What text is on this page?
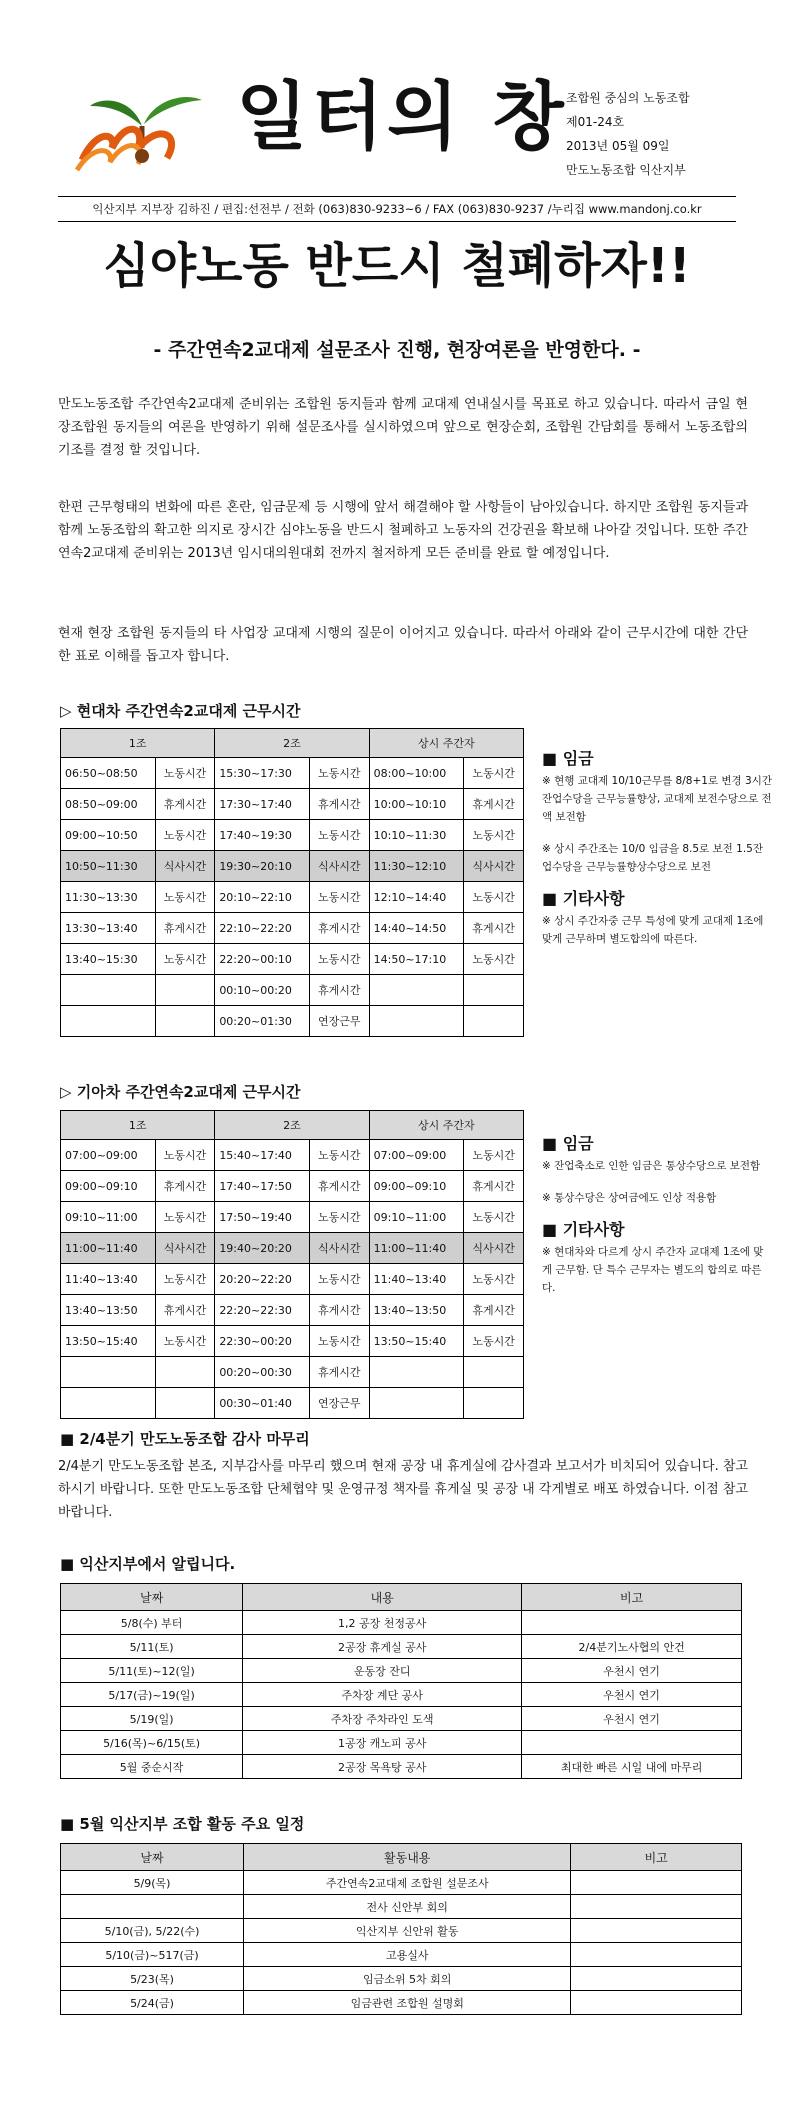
일터의 창
조합원 중심의 노동조합
제01-24호
2013년 05월 09일
만도노동조합 익산지부
익산지부 지부장 김하진 / 편집:선전부 / 전화 (063)830-9233~6 / FAX (063)830-9237 /누리집 www.mandonj.co.kr
심야노동 반드시 철폐하자!!
- 주간연속2교대제 설문조사 진행, 현장여론을 반영한다. -
만도노동조합 주간연속2교대제 준비위는 조합원 동지들과 함께 교대제 연내실시를 목표로 하고 있습니다. 따라서 금일 현장조합원 동지들의 여론을 반영하기 위해 설문조사를 실시하였으며 앞으로 현장순회, 조합원 간담회를 통해서 노동조합의 기조를 결정 할 것입니다.
한편 근무형태의 변화에 따른 혼란, 임금문제 등 시행에 앞서 해결해야 할 사항들이 남아있습니다. 하지만 조합원 동지들과 함께 노동조합의 확고한 의지로 장시간 심야노동을 반드시 철폐하고 노동자의 건강권을 확보해 나아갈 것입니다. 또한 주간연속2교대제 준비위는 2013년 임시대의원대회 전까지 철저하게 모든 준비를 완료 할 예정입니다.
현재 현장 조합원 동지들의 타 사업장 교대제 시행의 질문이 이어지고 있습니다. 따라서 아래와 같이 근무시간에 대한 간단한 표로 이해를 돕고자 합니다.
▷ 현대차 주간연속2교대제 근무시간
1조		2조		상시 주간자	
06:50~08:50	노동시간	15:30~17:30	노동시간	08:00~10:00	노동시간
08:50~09:00	휴게시간	17:30~17:40	휴게시간	10:00~10:10	휴게시간
09:00~10:50	노동시간	17:40~19:30	노동시간	10:10~11:30	노동시간
10:50~11:30	식사시간	19:30~20:10	식사시간	11:30~12:10	식사시간
11:30~13:30	노동시간	20:10~22:10	노동시간	12:10~14:40	노동시간
13:30~13:40	휴게시간	22:10~22:20	휴게시간	14:40~14:50	휴게시간
13:40~15:30	노동시간	22:20~00:10	노동시간	14:50~17:10	노동시간
		00:10~00:20	휴게시간		
		00:20~01:30	연장근무		
■ 임금
※ 현행 교대제 10/10근무를 8/8+1로 변경 3시간 잔업수당을 근무능률향상, 교대제 보전수당으로 전액 보전함
※ 상시 주간조는 10/0 임금을 8.5로 보전 1.5잔업수당을 근무능률향상수당으로 보전
■ 기타사항
※ 상시 주간자중 근무 특성에 맞게 교대제 1조에 맞게 근무하며 별도합의에 따른다.
▷ 기아차 주간연속2교대제 근무시간
1조		2조		상시 주간자	
07:00~09:00	노동시간	15:40~17:40	노동시간	07:00~09:00	노동시간
09:00~09:10	휴게시간	17:40~17:50	휴게시간	09:00~09:10	휴게시간
09:10~11:00	노동시간	17:50~19:40	노동시간	09:10~11:00	노동시간
11:00~11:40	식사시간	19:40~20:20	식사시간	11:00~11:40	식사시간
11:40~13:40	노동시간	20:20~22:20	노동시간	11:40~13:40	노동시간
13:40~13:50	휴게시간	22:20~22:30	휴게시간	13:40~13:50	휴게시간
13:50~15:40	노동시간	22:30~00:20	노동시간	13:50~15:40	노동시간
		00:20~00:30	휴게시간		
		00:30~01:40	연장근무		
■ 임금
※ 잔업축소로 인한 임금은 통상수당으로 보전함
※ 통상수당은 상여금에도 인상 적용함
■ 기타사항
※ 현대차와 다르게 상시 주간자 교대제 1조에 맞게 근무함. 단 특수 근무자는 별도의 합의로 따른다.
■ 2/4분기 만도노동조합 감사 마무리
2/4분기 만도노동조합 본조, 지부감사를 마무리 했으며 현재 공장 내 휴게실에 감사결과 보고서가 비치되어 있습니다. 참고하시기 바랍니다. 또한 만도노동조합 단체협약 및 운영규정 책자를 휴게실 및 공장 내 각게별로 배포 하였습니다. 이점 참고바랍니다.
■ 익산지부에서 알립니다.
날짜	내용	비고
5/8(수) 부터	1,2 공장 천정공사	
5/11(토)	2공장 휴게실 공사	2/4분기노사협의 안건
5/11(토)~12(일)	운동장 잔디	우천시 연기
5/17(금)~19(일)	주차장 계단 공사	우천시 연기
5/19(일)	주차장 주차라인 도색	우천시 연기
5/16(목)~6/15(토)	1공장 캐노피 공사	
5월 중순시작	2공장 목욕탕 공사	최대한 빠른 시일 내에 마무리
■ 5월 익산지부 조합 활동 주요 일정
날짜	활동내용	비고
5/9(목)	주간연속2교대제 조합원 설문조사	
	전사 신안부 회의	
5/10(금), 5/22(수)	익산지부 신안위 활동	
5/10(금)~517(금)	고용실사	
5/23(목)	임금소위 5차 회의	
5/24(금)	임금관련 조합원 설명회	
